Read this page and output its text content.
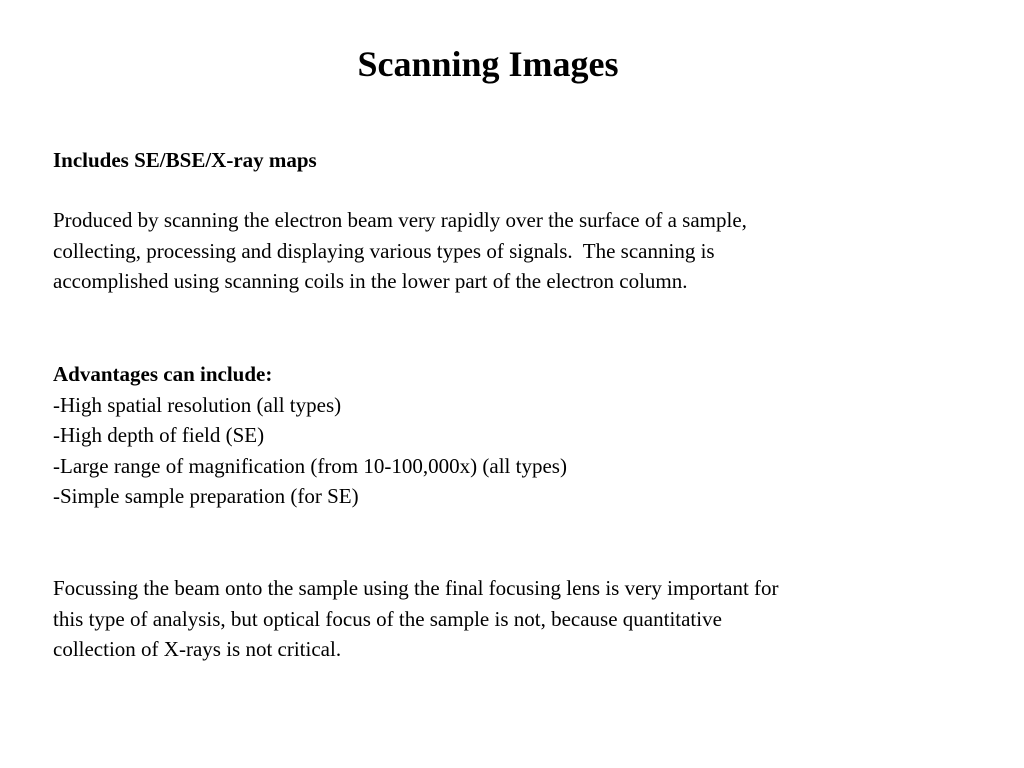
Scanning Images

Includes SE/BSE/X-ray maps

Produced by scanning the electron beam very rapidly over the surface of a sample,
collecting, processing and displaying various types of signals.  The scanning is
accomplished using scanning coils in the lower part of the electron column.

Advantages can include:
-High spatial resolution (all types)
-High depth of field (SE)
-Large range of magnification (from 10-100,000x) (all types)
-Simple sample preparation (for SE)

Focussing the beam onto the sample using the final focusing lens is very important for
this type of analysis, but optical focus of the sample is not, because quantitative
collection of X-rays is not critical.
